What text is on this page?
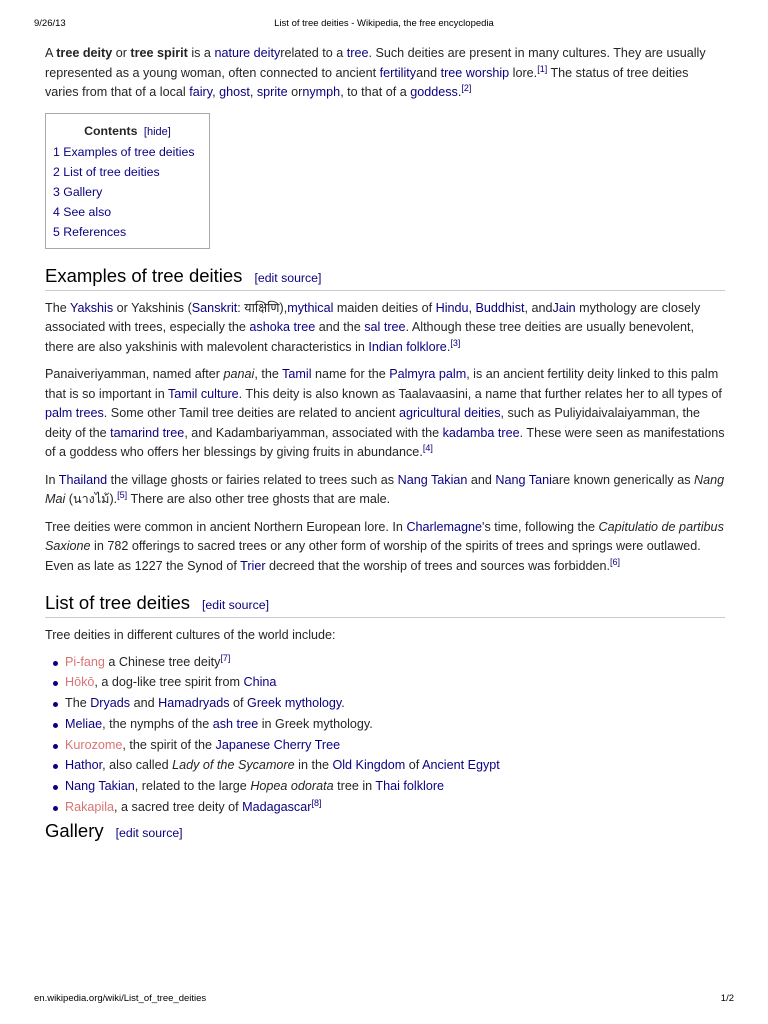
9/26/13	List of tree deities - Wikipedia, the free encyclopedia

A tree deity or tree spirit is a nature deityrelated to a tree. Such deities are present in many cultures. They are usually represented as a young woman, often connected to ancient fertilityand tree worship lore.[1] The status of tree deities varies from that of a local fairy, ghost, sprite ornymph, to that of a goddess.[2]

Contents [hide]
1 Examples of tree deities
2 List of tree deities
3 Gallery
4 See also
5 References
Examples of tree deities [edit source]

The Yakshis or Yakshinis (Sanskrit: याक्षिणि),mythical maiden deities of Hindu, Buddhist, andJain mythology are closely associated with trees, especially the ashoka tree and the sal tree. Although these tree deities are usually benevolent, there are also yakshinis with malevolent characteristics in Indian folklore.[3]

Panaiveriyamman, named after panai, the Tamil name for the Palmyra palm, is an ancient fertility deity linked to this palm that is so important in Tamil culture. This deity is also known as Taalavaasini, a name that further relates her to all types of palm trees. Some other Tamil tree deities are related to ancient agricultural deities, such as Puliyidaivalaiyamman, the deity of the tamarind tree, and Kadambariyamman, associated with the kadamba tree. These were seen as manifestations of a goddess who offers her blessings by giving fruits in abundance.[4]

In Thailand the village ghosts or fairies related to trees such as Nang Takian and Nang Taniare known generically as Nang Mai (นางไม้).[5] There are also other tree ghosts that are male.

Tree deities were common in ancient Northern European lore. In Charlemagne's time, following the Capitulatio de partibus Saxione in 782 offerings to sacred trees or any other form of worship of the spirits of trees and springs were outlawed. Even as late as 1227 the Synod of Trier decreed that the worship of trees and sources was forbidden.[6]

List of tree deities [edit source]

Tree deities in different cultures of the world include:

Pi-fang a Chinese tree deity[7]
Hōkō, a dog-like tree spirit from China
The Dryads and Hamadryads of Greek mythology.
Meliae, the nymphs of the ash tree in Greek mythology.
Kurozome, the spirit of the Japanese Cherry Tree
Hathor, also called Lady of the Sycamore in the Old Kingdom of Ancient Egypt
Nang Takian, related to the large Hopea odorata tree in Thai folklore
Rakapila, a sacred tree deity of Madagascar[8]
Gallery [edit source]
en.wikipedia.org/wiki/List_of_tree_deities	1/2
